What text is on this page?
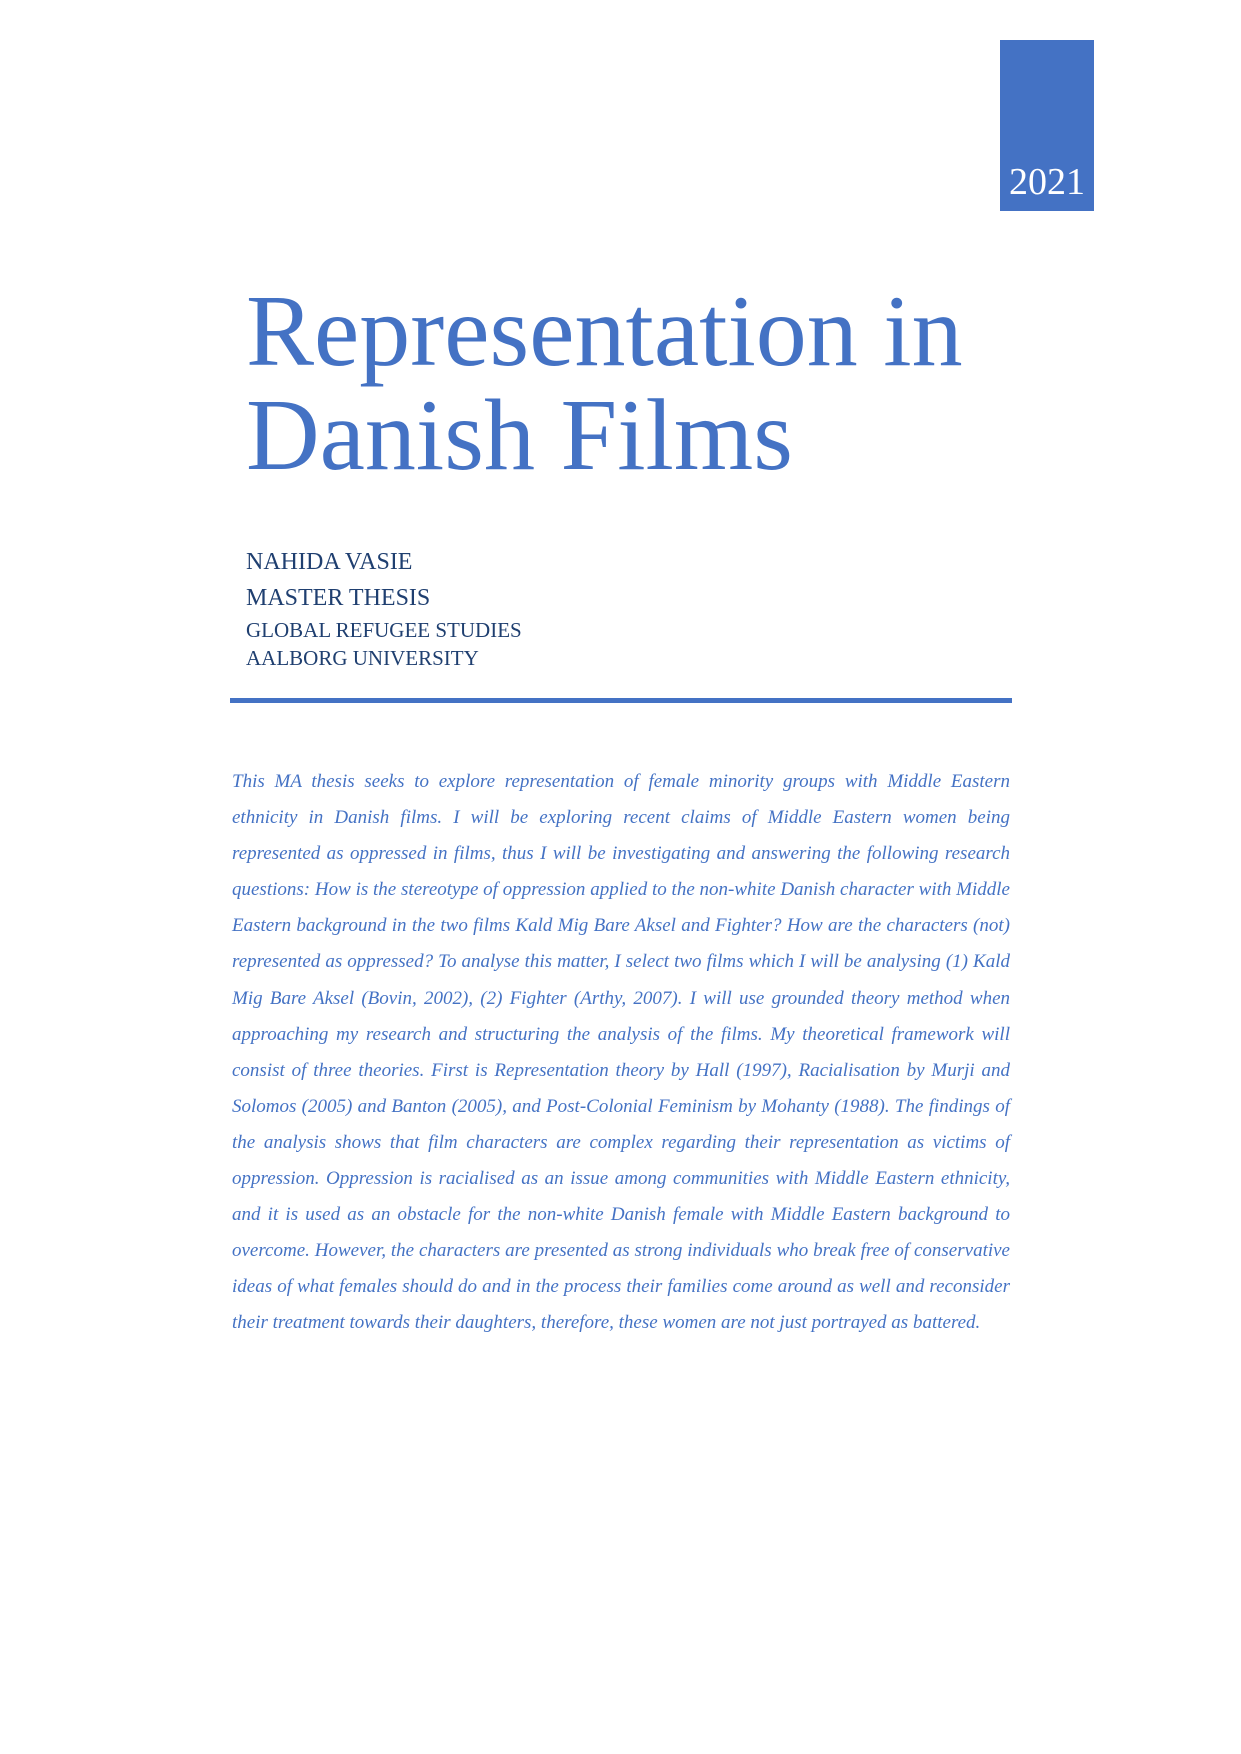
2021
Representation in Danish Films
NAHIDA VASIE
MASTER THESIS
GLOBAL REFUGEE STUDIES
AALBORG UNIVERSITY

This MA thesis seeks to explore representation of female minority groups with Middle Eastern ethnicity in Danish films. I will be exploring recent claims of Middle Eastern women being represented as oppressed in films, thus I will be investigating and answering the following research questions: How is the stereotype of oppression applied to the non-white Danish character with Middle Eastern background in the two films Kald Mig Bare Aksel and Fighter? How are the characters (not) represented as oppressed? To analyse this matter, I select two films which I will be analysing (1) Kald Mig Bare Aksel (Bovin, 2002), (2) Fighter (Arthy, 2007). I will use grounded theory method when approaching my research and structuring the analysis of the films. My theoretical framework will consist of three theories. First is Representation theory by Hall (1997), Racialisation by Murji and Solomos (2005) and Banton (2005), and Post-Colonial Feminism by Mohanty (1988). The findings of the analysis shows that film characters are complex regarding their representation as victims of oppression. Oppression is racialised as an issue among communities with Middle Eastern ethnicity, and it is used as an obstacle for the non-white Danish female with Middle Eastern background to overcome. However, the characters are presented as strong individuals who break free of conservative ideas of what females should do and in the process their families come around as well and reconsider their treatment towards their daughters, therefore, these women are not just portrayed as battered.
